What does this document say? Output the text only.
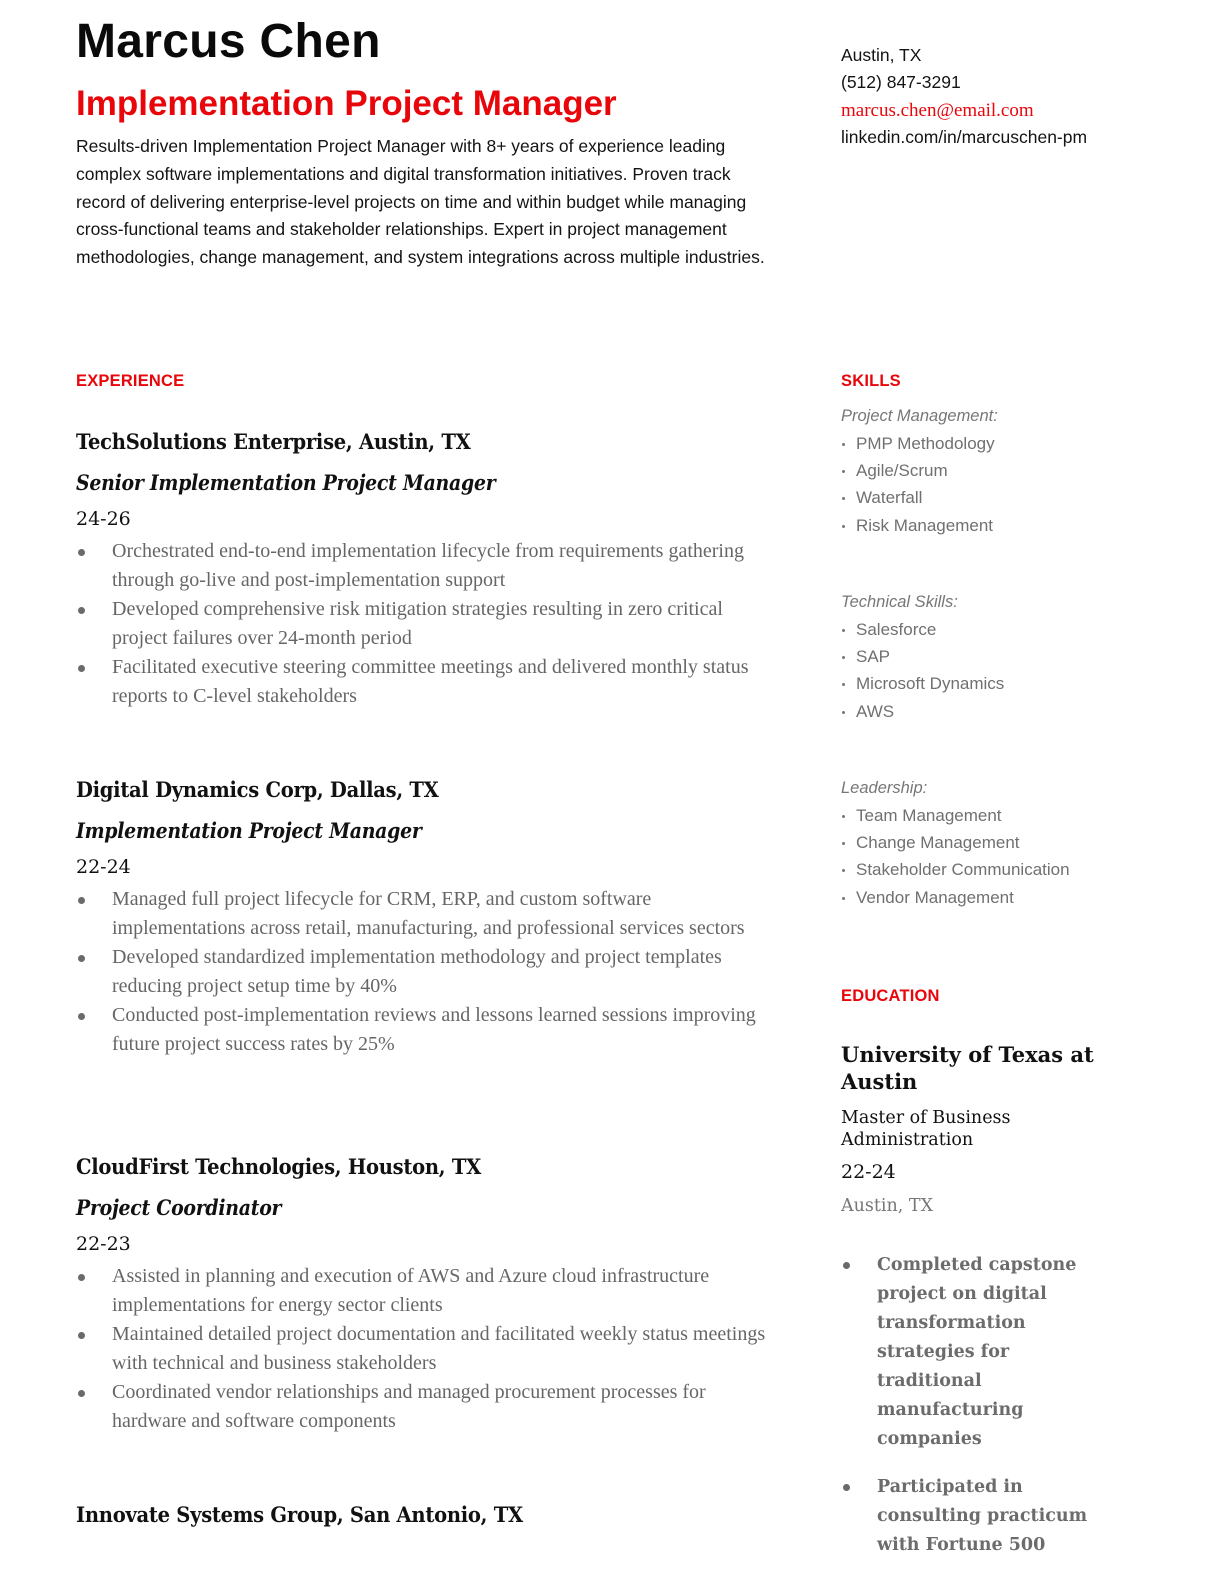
Marcus Chen
Implementation Project Manager

Results-driven Implementation Project Manager with 8+ years of experience leading complex software implementations and digital transformation initiatives. Proven track record of delivering enterprise-level projects on time and within budget while managing cross-functional teams and stakeholder relationships. Expert in project management methodologies, change management, and system integrations across multiple industries.

EXPERIENCE
TechSolutions Enterprise, Austin, TX
Senior Implementation Project Manager
24-26
Orchestrated end-to-end implementation lifecycle from requirements gathering through go-live and post-implementation support
Developed comprehensive risk mitigation strategies resulting in zero critical project failures over 24-month period
Facilitated executive steering committee meetings and delivered monthly status reports to C-level stakeholders
Digital Dynamics Corp, Dallas, TX
Implementation Project Manager
22-24
Managed full project lifecycle for CRM, ERP, and custom software implementations across retail, manufacturing, and professional services sectors
Developed standardized implementation methodology and project templates reducing project setup time by 40%
Conducted post-implementation reviews and lessons learned sessions improving future project success rates by 25%
CloudFirst Technologies, Houston, TX
Project Coordinator
22-23
Assisted in planning and execution of AWS and Azure cloud infrastructure implementations for energy sector clients
Maintained detailed project documentation and facilitated weekly status meetings with technical and business stakeholders
Coordinated vendor relationships and managed procurement processes for hardware and software components
Innovate Systems Group, San Antonio, TX
Austin, TX
(512) 847-3291
marcus.chen@email.com
linkedin.com/in/marcuschen-pm
SKILLS
Project Management:
PMP Methodology
Agile/Scrum
Waterfall
Risk Management
Technical Skills:
Salesforce
SAP
Microsoft Dynamics
AWS
Leadership:
Team Management
Change Management
Stakeholder Communication
Vendor Management
EDUCATION
University of Texas at Austin
Master of Business Administration
22-24
Austin, TX
Completed capstone project on digital transformation strategies for traditional manufacturing companies
Participated in consulting practicum with Fortune 500
